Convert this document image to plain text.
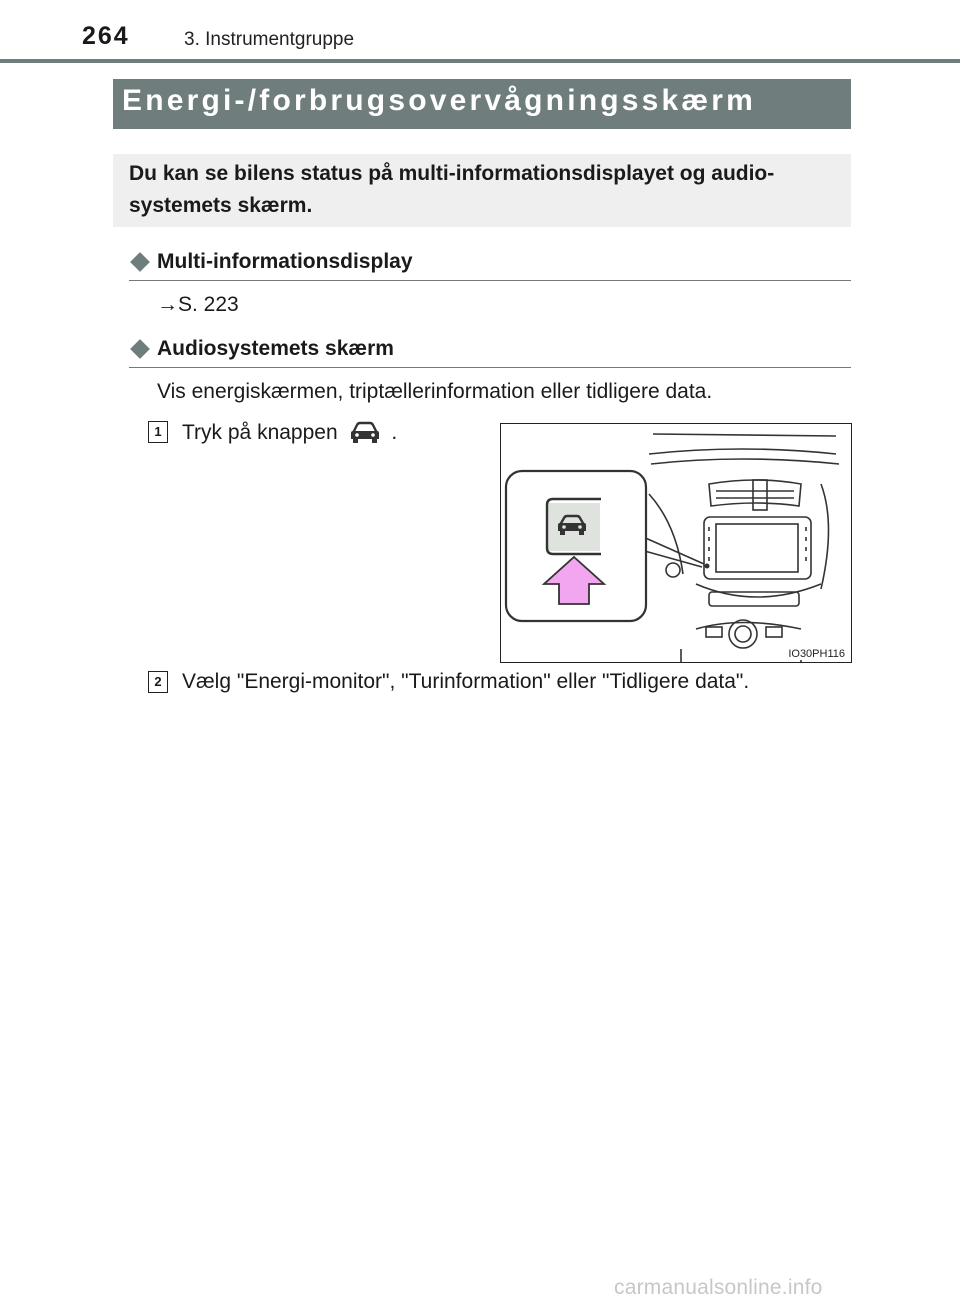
264	3. Instrumentgruppe
Energi-/forbrugsovervågningsskærm
Du kan se bilens status på multi-informationsdisplayet og audio-systemets skærm.
Multi-informationsdisplay
→S. 223
Audiosystemets skærm
Vis energiskærmen, triptællerinformation eller tidligere data.
1 Tryk på knappen	.
IO30PH116
2 Vælg "Energi-monitor", "Turinformation" eller "Tidligere data".
carmanualsonline.info
